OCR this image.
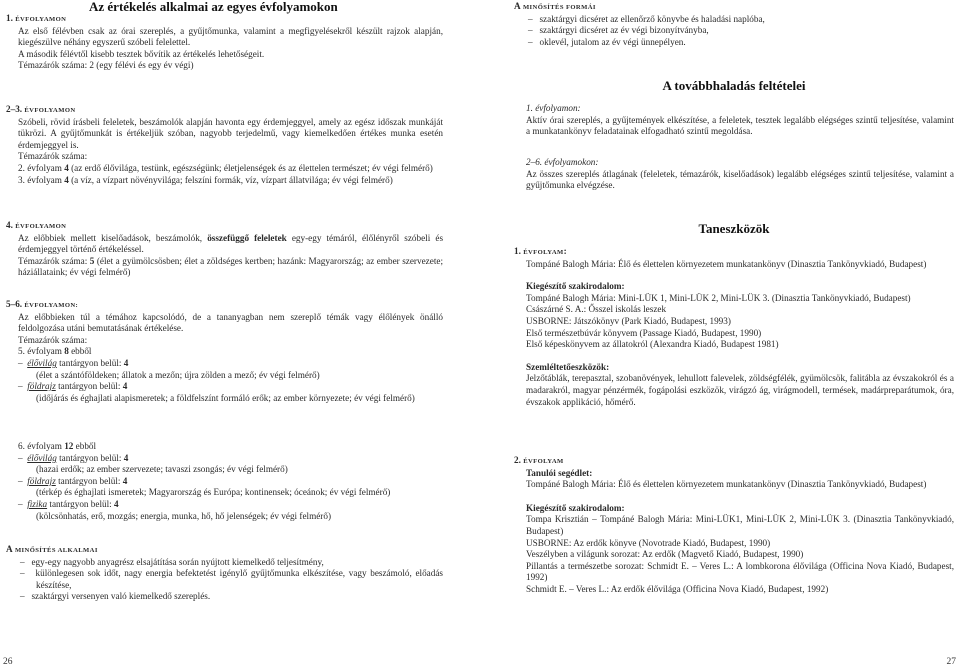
Az értékelés alkalmai az egyes évfolyamokon
1. ÉVFOLYAMON

Az első félévben csak az órai szereplés, a gyűjtőmunka, valamint a megfigyelésekről készült rajzok alapján, kiegészülve néhány egyszerű szóbeli felelettel.

A második félévtől kisebb tesztek bővítik az értékelés lehetőségeit.

Témazárók száma: 2 (egy félévi és egy év végi)

2–3. ÉVFOLYAMON

Szóbeli, rövid írásbeli feleletek, beszámolók alapján havonta egy érdemjeggyel, amely az egész időszak munkáját tükrözi. A gyűjtőmunkát is értékeljük szóban, nagyobb terjedelmű, vagy kiemelkedően értékes munka esetén érdemjeggyel is.

Témazárók száma:

2. évfolyam 4 (az erdő élővilága, testünk, egészségünk; életjelenségek és az élettelen természet; év végi felmérő)

3. évfolyam 4 (a víz, a vízpart növényvilága; felszíni formák, víz, vízpart állatvilága; év végi felmérő)

4. ÉVFOLYAMON

Az előbbiek mellett kiselőadások, beszámolók, összefüggő feleletek egy-egy témáról, élőlényről szóbeli és érdemjeggyel történő értékeléssel.

Témazárók száma: 5 (élet a gyümölcsösben; élet a zöldséges kertben; hazánk: Magyarország; az ember szervezete; háziállataink; év végi felmérő)

5–6. ÉVFOLYAMON:

Az előbbieken túl a témához kapcsolódó, de a tananyagban nem szereplő témák vagy élőlények önálló feldolgozása utáni bemutatásának értékelése.

Témazárók száma:

5. évfolyam 8 ebből

– élővilág tantárgyon belül: 4

(élet a szántóföldeken; állatok a mezőn; újra zölden a mező; év végi felmérő)

– földrajz tantárgyon belül: 4

(időjárás és éghajlati alapismeretek; a földfelszínt formáló erők; az ember környezete; év végi felmérő)

6. évfolyam 12 ebből

– élővilág tantárgyon belül: 4

(hazai erdők; az ember szervezete; tavaszi zsongás; év végi felmérő)

– földrajz tantárgyon belül: 4

(térkép és éghajlati ismeretek; Magyarország és Európa; kontinensek; óceánok; év végi felmérő)

– fizika tantárgyon belül: 4

(kölcsönhatás, erő, mozgás; energia, munka, hő, hő jelenségek; év végi felmérő)

A MINŐSÍTÉS ALKALMAI

– egy-egy nagyobb anyagrész elsajátítása során nyújtott kiemelkedő teljesítmény,

– különlegesen sok időt, nagy energia befektetést igénylő gyűjtőmunka elkészítése, vagy beszámoló, előadás készítése,

– szaktárgyi versenyen való kiemelkedő szereplés.

A MINŐSÍTÉS FORMÁI

– szaktárgyi dicséret az ellenőrző könyvbe és haladási naplóba,

– szaktárgyi dicséret az év végi bizonyítványba,

– oklevél, jutalom az év végi ünnepélyen.

A továbbhaladás feltételei

1. évfolyamon:

Aktív órai szereplés, a gyűjtemények elkészítése, a feleletek, tesztek legalább elégséges szintű teljesítése, valamint a munkatankönyv feladatainak elfogadható szintű megoldása.

2–6. évfolyamokon:

Az összes szereplés átlagának (feleletek, témazárók, kiselőadások) legalább elégséges szintű teljesítése, valamint a gyűjtőmunka elvégzése.

Taneszközök
1. ÉVFOLYAM:

Tompáné Balogh Mária: Élő és élettelen környezetem munkatankönyv (Dinasztia Tankönyvkiadó, Budapest)

Kiegészítő szakirodalom:

Tompáné Balogh Mária: Mini-LÜK 1, Mini-LÜK 2, Mini-LÜK 3. (Dinasztia Tankönyvkiadó, Budapest)

Császárné S. A.: Ősszel iskolás leszek

USBORNE: Játszókönyv (Park Kiadó, Budapest, 1993)

Első természetbúvár könyvem (Passage Kiadó, Budapest, 1990)

Első képeskönyvem az állatokról (Alexandra Kiadó, Budapest 1981)

Szemléltetőeszközök:

Jelzőtáblák, terepasztal, szobanövények, lehullott falevelek, zöldségfélék, gyümölcsök, falitábla az évszakokról és a madarakról, magyar pénzérmék, fogápolási eszközök, virágzó ág, virágmodell, termések, madárpreparátumok, óra, évszakok applikáció, hőmérő.

2. ÉVFOLYAM

Tanulói segédlet:

Tompáné Balogh Mária: Élő és élettelen környezetem munkatankönyv (Dinasztia Tankönyvkiadó, Budapest)

Kiegészítő szakirodalom:

Tompa Krisztián – Tompáné Balogh Mária: Mini-LÜK1, Mini-LÜK 2, Mini-LÜK 3. (Dinasztia Tankönyvkiadó, Budapest)

USBORNE: Az erdők könyve (Novotrade Kiadó, Budapest, 1990)

Veszélyben a világunk sorozat: Az erdők (Magvető Kiadó, Budapest, 1990)

Pillantás a természetbe sorozat: Schmidt E. – Veres L.: A lombkorona élővilága (Officina Nova Kiadó, Budapest, 1992)

Schmidt E. – Veres L.: Az erdők élővilága (Officina Nova Kiadó, Budapest, 1992)

26	27
